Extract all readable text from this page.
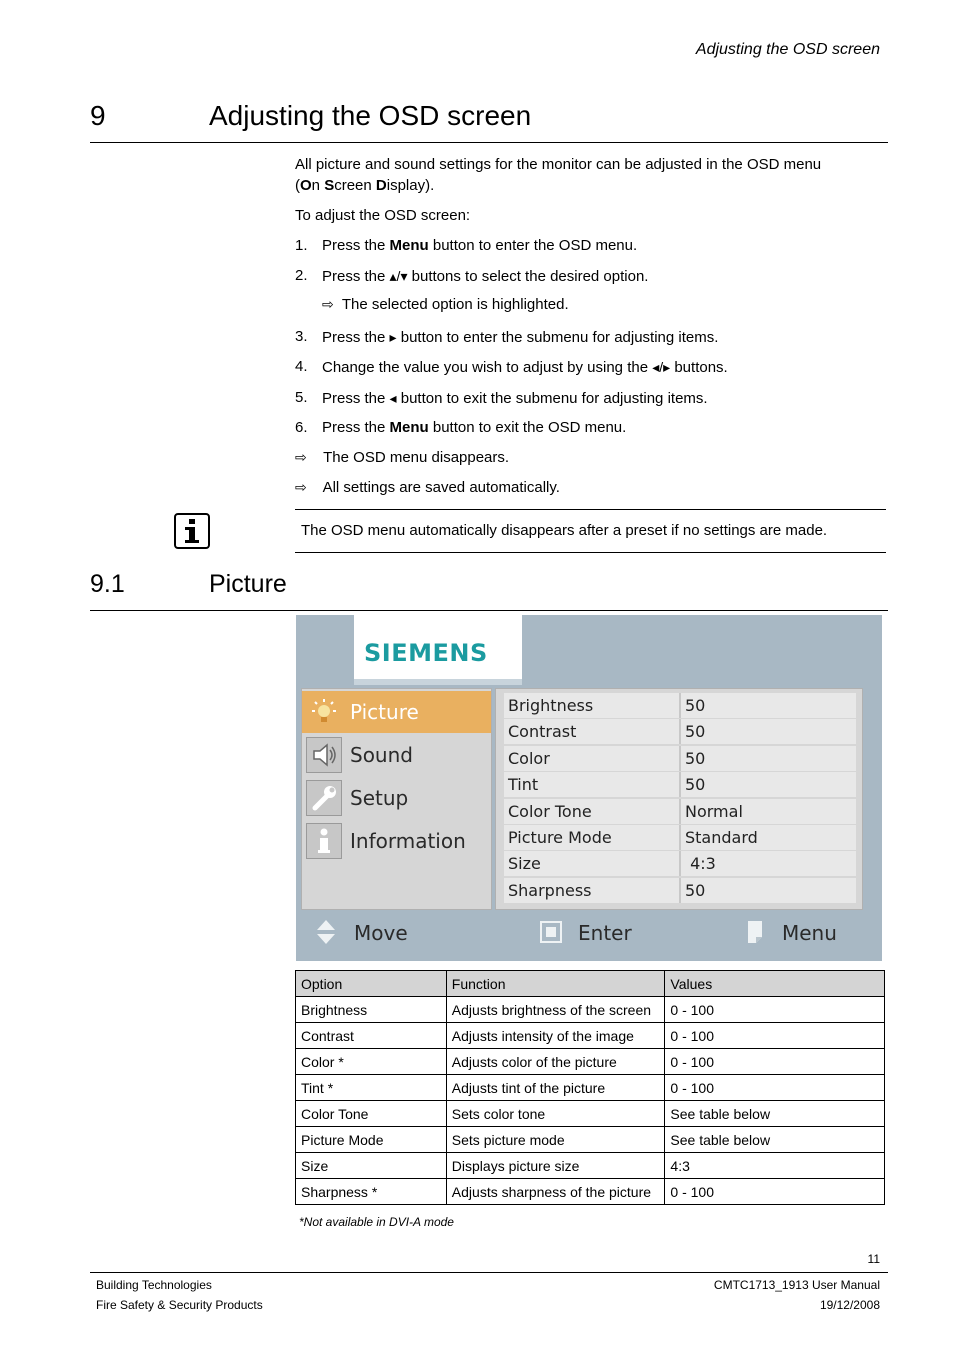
Adjusting the OSD screen
9	Adjusting the OSD screen
All picture and sound settings for the monitor can be adjusted in the OSD menu
(On Screen Display).
To adjust the OSD screen:
1. Press the Menu button to enter the OSD menu.
2. Press the ▴/▾ buttons to select the desired option.
⇨ The selected option is highlighted.
3. Press the ▸ button to enter the submenu for adjusting items.
4. Change the value you wish to adjust by using the ◂/▸ buttons.
5. Press the ◂ button to exit the submenu for adjusting items.
6. Press the Menu button to exit the OSD menu.
⇨ The OSD menu disappears.
⇨ All settings are saved automatically.
The OSD menu automatically disappears after a preset if no settings are made.
9.1	Picture
SIEMENS
Picture
Sound
Setup
Information
Brightness	50
Contrast	50
Color	50
Tint	50
Color Tone	Normal
Picture Mode	Standard
Size	4:3
Sharpness	50
Move	Enter	Menu
Option	Function	Values
Brightness	Adjusts brightness of the screen	0 - 100
Contrast	Adjusts intensity of the image	0 - 100
Color *	Adjusts color of the picture	0 - 100
Tint *	Adjusts tint of the picture	0 - 100
Color Tone	Sets color tone	See table below
Picture Mode	Sets picture mode	See table below
Size	Displays picture size	4:3
Sharpness *	Adjusts sharpness of the picture	0 - 100
*Not available in DVI-A mode
11
Building Technologies
Fire Safety & Security Products
CMTC1713_1913 User Manual
19/12/2008
